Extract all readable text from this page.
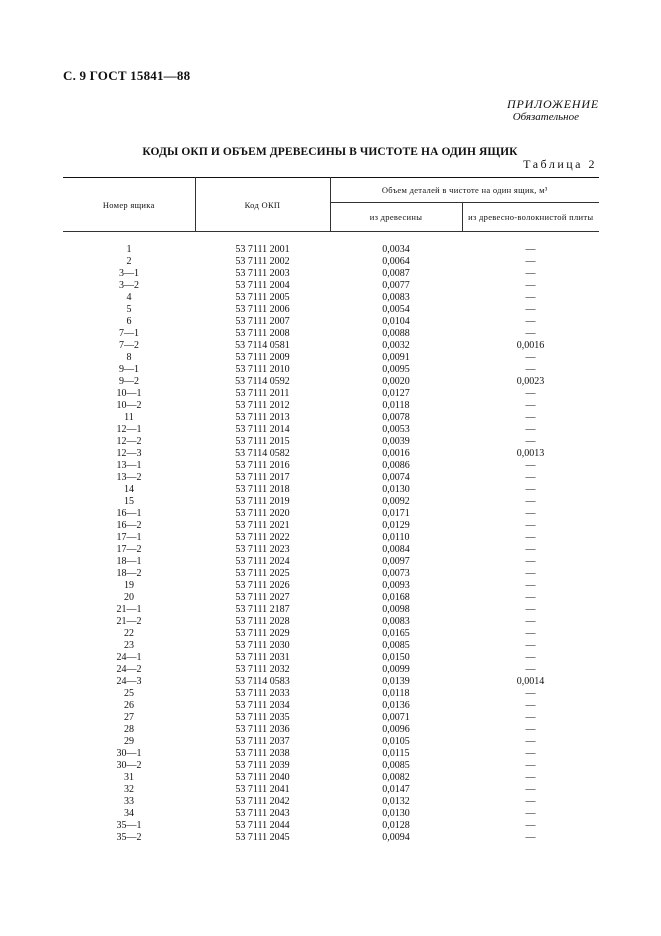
С. 9 ГОСТ 15841—88
ПРИЛОЖЕНИЕ
Обязательное
КОДЫ ОКП И ОБЪЕМ ДРЕВЕСИНЫ В ЧИСТОТЕ НА ОДИН ЯЩИК
Таблица 2
Номер ящика	Код ОКП	Объем деталей в чистоте на один ящик, м³	
		из древесины	из древесно-волокнистой плиты

1	53 7111 2001	0,0034	—
2	53 7111 2002	0,0064	—
3—1	53 7111 2003	0,0087	—
3—2	53 7111 2004	0,0077	—
4	53 7111 2005	0,0083	—
5	53 7111 2006	0,0054	—
6	53 7111 2007	0,0104	—
7—1	53 7111 2008	0,0088	—
7—2	53 7114 0581	0,0032	0,0016
8	53 7111 2009	0,0091	—
9—1	53 7111 2010	0,0095	—
9—2	53 7114 0592	0,0020	0,0023
10—1	53 7111 2011	0,0127	—
10—2	53 7111 2012	0,0118	—
11	53 7111 2013	0,0078	—
12—1	53 7111 2014	0,0053	—
12—2	53 7111 2015	0,0039	—
12—3	53 7114 0582	0,0016	0,0013
13—1	53 7111 2016	0,0086	—
13—2	53 7111 2017	0,0074	—
14	53 7111 2018	0,0130	—
15	53 7111 2019	0,0092	—
16—1	53 7111 2020	0,0171	—
16—2	53 7111 2021	0,0129	—
17—1	53 7111 2022	0,0110	—
17—2	53 7111 2023	0,0084	—
18—1	53 7111 2024	0,0097	—
18—2	53 7111 2025	0,0073	—
19	53 7111 2026	0,0093	—
20	53 7111 2027	0,0168	—
21—1	53 7111 2187	0,0098	—
21—2	53 7111 2028	0,0083	—
22	53 7111 2029	0,0165	—
23	53 7111 2030	0,0085	—
24—1	53 7111 2031	0,0150	—
24—2	53 7111 2032	0,0099	—
24—3	53 7114 0583	0,0139	0,0014
25	53 7111 2033	0,0118	—
26	53 7111 2034	0,0136	—
27	53 7111 2035	0,0071	—
28	53 7111 2036	0,0096	—
29	53 7111 2037	0,0105	—
30—1	53 7111 2038	0,0115	—
30—2	53 7111 2039	0,0085	—
31	53 7111 2040	0,0082	—
32	53 7111 2041	0,0147	—
33	53 7111 2042	0,0132	—
34	53 7111 2043	0,0130	—
35—1	53 7111 2044	0,0128	—
35—2	53 7111 2045	0,0094	—
